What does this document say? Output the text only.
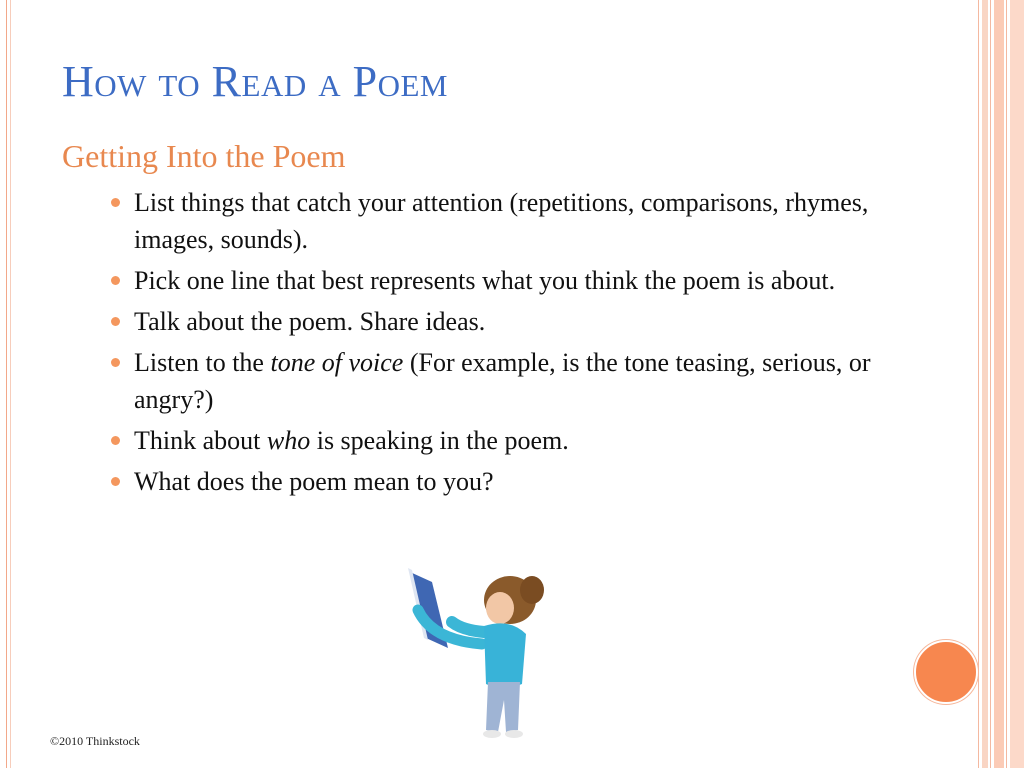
How to Read a Poem
Getting Into the Poem
List things that catch your attention (repetitions, comparisons, rhymes, images, sounds).
Pick one line that best represents what you think the poem is about.
Talk about the poem. Share ideas.
Listen to the tone of voice (For example, is the tone teasing, serious, or angry?)
Think about who is speaking in the poem.
What does the poem mean to you?
©2010 Thinkstock
